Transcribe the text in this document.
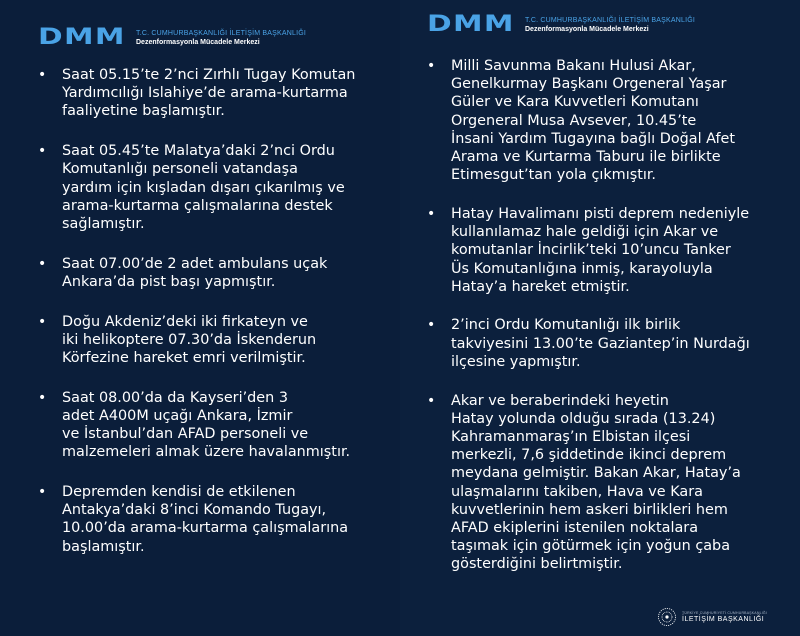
DMM	T.C. CUMHURBAŞKANLIĞI İLETİŞİM BAŞKANLIĞI
Dezenformasyonla Mücadele Merkezi
DMM	T.C. CUMHURBAŞKANLIĞI İLETİŞİM BAŞKANLIĞI
Dezenformasyonla Mücadele Merkezi
• Saat 05.15’te 2’nci Zırhlı Tugay Komutan
Yardımcılığı Islahiye’de arama-kurtarma
faaliyetine başlamıştır.
• Saat 05.45’te Malatya’daki 2’nci Ordu
Komutanlığı personeli vatandaşa
yardım için kışladan dışarı çıkarılmış ve
arama-kurtarma çalışmalarına destek
sağlamıştır.
• Saat 07.00’de 2 adet ambulans uçak
Ankara’da pist başı yapmıştır.
• Doğu Akdeniz’deki iki firkateyn ve
iki helikoptere 07.30’da İskenderun
Körfezine hareket emri verilmiştir.
• Saat 08.00’da da Kayseri’den 3
adet A400M uçağı Ankara, İzmir
ve İstanbul’dan AFAD personeli ve
malzemeleri almak üzere havalanmıştır.
• Depremden kendisi de etkilenen
Antakya’daki 8’inci Komando Tugayı,
10.00’da arama-kurtarma çalışmalarına
başlamıştır.
• Milli Savunma Bakanı Hulusi Akar,
Genelkurmay Başkanı Orgeneral Yaşar
Güler ve Kara Kuvvetleri Komutanı
Orgeneral Musa Avsever, 10.45’te
İnsani Yardım Tugayına bağlı Doğal Afet
Arama ve Kurtarma Taburu ile birlikte
Etimesgut’tan yola çıkmıştır.
• Hatay Havalimanı pisti deprem nedeniyle
kullanılamaz hale geldiği için Akar ve
komutanlar İncirlik’teki 10’uncu Tanker
Üs Komutanlığına inmiş, karayoluyla
Hatay’a hareket etmiştir.
• 2’inci Ordu Komutanlığı ilk birlik
takviyesini 13.00’te Gaziantep’in Nurdağı
ilçesine yapmıştır.
• Akar ve beraberindeki heyetin
Hatay yolunda olduğu sırada (13.24)
Kahramanmaraş’ın Elbistan ilçesi
merkezli, 7,6 şiddetinde ikinci deprem
meydana gelmiştir. Bakan Akar, Hatay’a
ulaşmalarını takiben, Hava ve Kara
kuvvetlerinin hem askeri birlikleri hem
AFAD ekiplerini istenilen noktalara
taşımak için götürmek için yoğun çaba
gösterdiğini belirtmiştir.
TÜRKİYE CUMHURİYETİ CUMHURBAŞKANLIĞI
İLETİŞİM BAŞKANLIĞI
